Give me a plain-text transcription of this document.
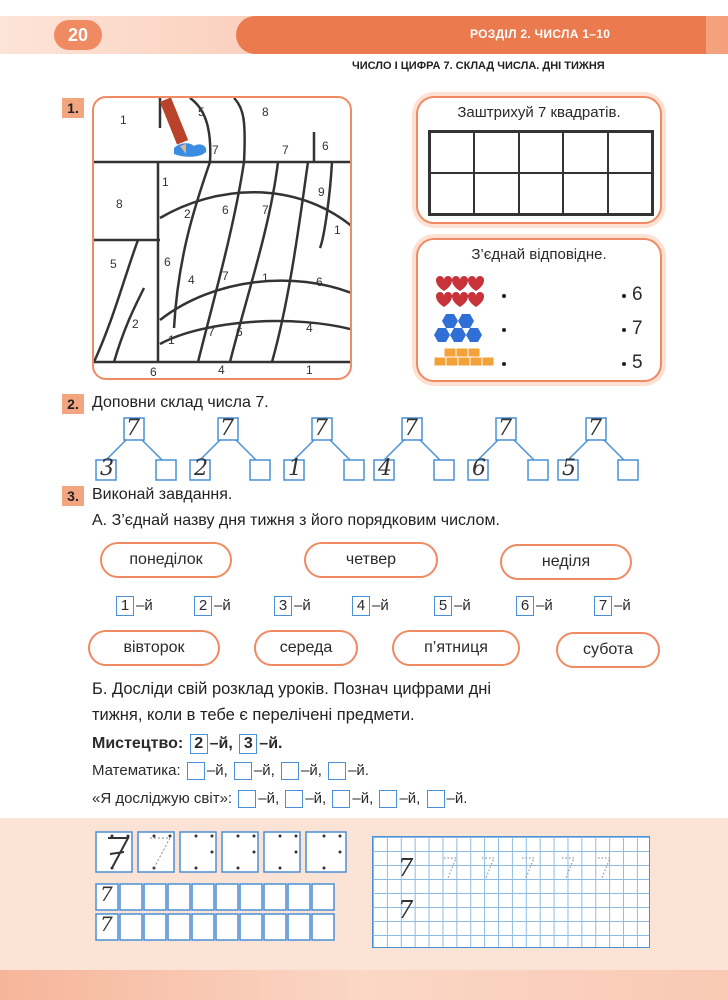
20	РОЗДІЛ 2. ЧИСЛА 1–10
ЧИСЛО І ЦИФРА 7. СКЛАД ЧИСЛА. ДНІ ТИЖНЯ
1.
1
5	8
7	7	6
1
9
8
2	6	7
1
5	6
4 7	1	6
2
1
7 6	4
6	4	1
Заштрихуй 7 квадратів.
З’єднай відповідне.
6
7
5
2. Доповни склад числа 7.
7	7	7	7	7	7
3	2	1	4	6	5
3. Виконай завдання.
А. З’єднай назву дня тижня з його порядковим числом.
понеділок	четвер	неділя
1 –й	2 –й	3 –й	4 –й	5 –й	6 –й	7 –й
вівторок	середа	п’ятниця	субота
Б. Досліди свій розклад уроків. Познач цифрами дні
тижня, коли в тебе є перелічені предмети.
Мистецтво: 2 –й, 3 –й.
Математика: –й, –й, –й, –й.
«Я досліджую світ»: –й, –й, –й, –й, –й.
7
7
7
7
